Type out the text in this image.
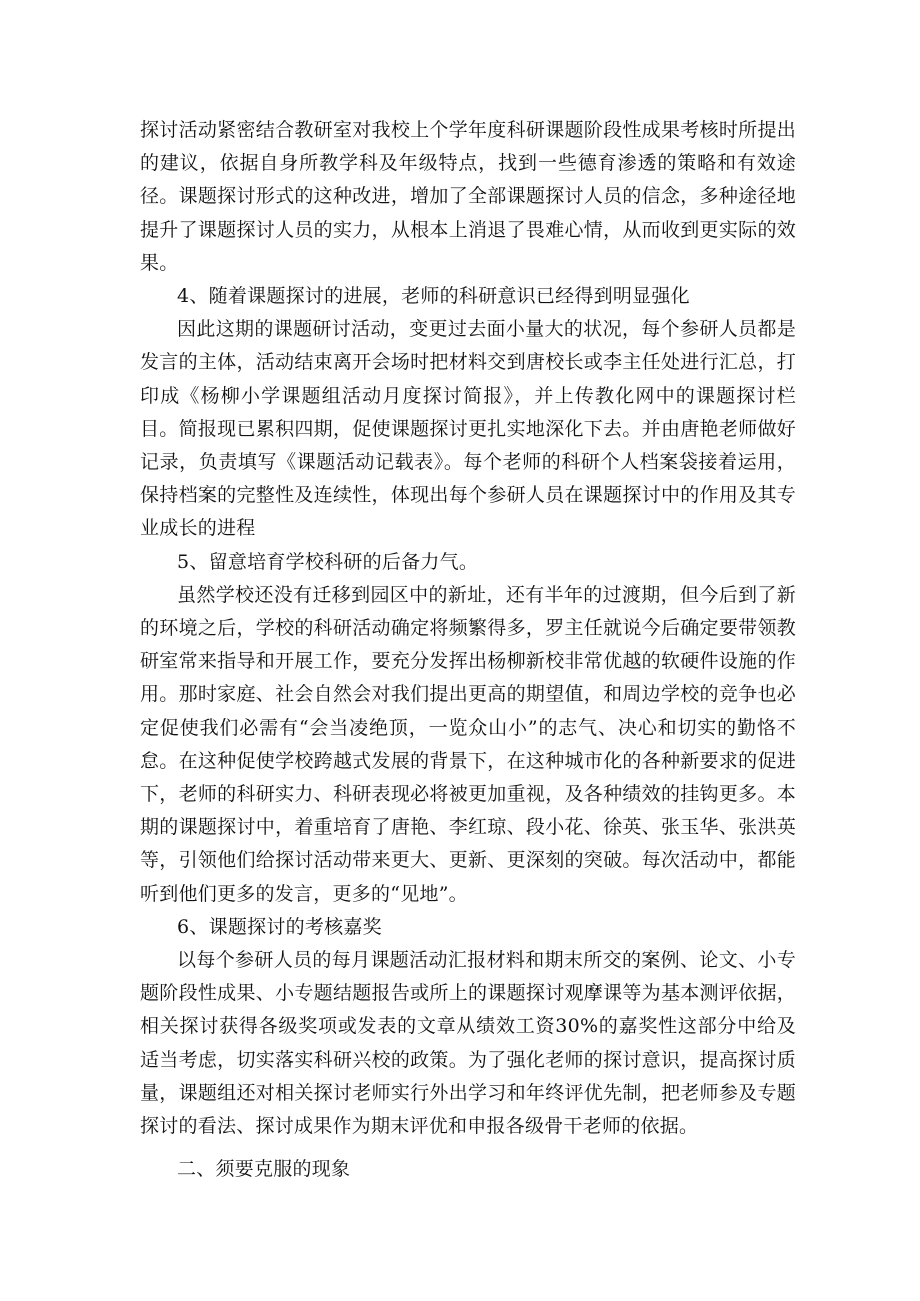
探讨活动紧密结合教研室对我校上个学年度科研课题阶段性成果考核时所提出的建议，依据自身所教学科及年级特点，找到一些德育渗透的策略和有效途径。课题探讨形式的这种改进，增加了全部课题探讨人员的信念，多种途径地提升了课题探讨人员的实力，从根本上消退了畏难心情，从而收到更实际的效果。

4、随着课题探讨的进展，老师的科研意识已经得到明显强化

因此这期的课题研讨活动，变更过去面小量大的状况，每个参研人员都是发言的主体，活动结束离开会场时把材料交到唐校长或李主任处进行汇总，打印成《杨柳小学课题组活动月度探讨简报》，并上传教化网中的课题探讨栏目。简报现已累积四期，促使课题探讨更扎实地深化下去。并由唐艳老师做好记录，负责填写《课题活动记载表》。每个老师的科研个人档案袋接着运用，保持档案的完整性及连续性，体现出每个参研人员在课题探讨中的作用及其专业成长的进程

5、留意培育学校科研的后备力气。

虽然学校还没有迁移到园区中的新址，还有半年的过渡期，但今后到了新的环境之后，学校的科研活动确定将频繁得多，罗主任就说今后确定要带领教研室常来指导和开展工作，要充分发挥出杨柳新校非常优越的软硬件设施的作用。那时家庭、社会自然会对我们提出更高的期望值，和周边学校的竞争也必定促使我们必需有“会当凌绝顶，一览众山小”的志气、决心和切实的勤恪不怠。在这种促使学校跨越式发展的背景下，在这种城市化的各种新要求的促进下，老师的科研实力、科研表现必将被更加重视，及各种绩效的挂钩更多。本期的课题探讨中，着重培育了唐艳、李红琼、段小花、徐英、张玉华、张洪英等，引领他们给探讨活动带来更大、更新、更深刻的突破。每次活动中，都能听到他们更多的发言，更多的“见地”。

6、课题探讨的考核嘉奖

以每个参研人员的每月课题活动汇报材料和期末所交的案例、论文、小专题阶段性成果、小专题结题报告或所上的课题探讨观摩课等为基本测评依据，相关探讨获得各级奖项或发表的文章从绩效工资30%的嘉奖性这部分中给及适当考虑，切实落实科研兴校的政策。为了强化老师的探讨意识，提高探讨质量，课题组还对相关探讨老师实行外出学习和年终评优先制，把老师参及专题探讨的看法、探讨成果作为期末评优和申报各级骨干老师的依据。

二、须要克服的现象
